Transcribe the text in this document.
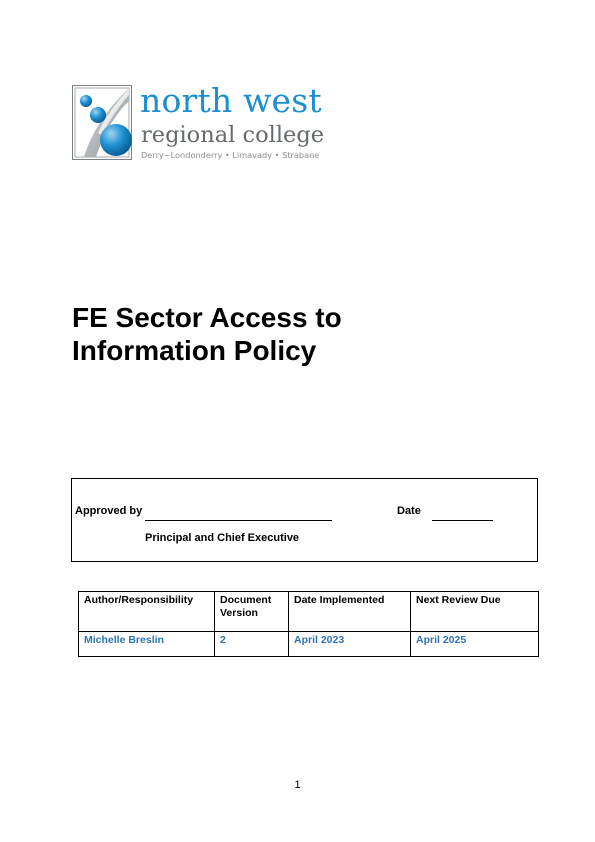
north west
regional college
Derry~Londonderry • Limavady • Strabane
FE Sector Access to
Information Policy
Approved by
Principal and Chief Executive
Date
Author/Responsibility	Document Version	Date Implemented	Next Review Due
Michelle Breslin	2	April 2023	April 2025
1
